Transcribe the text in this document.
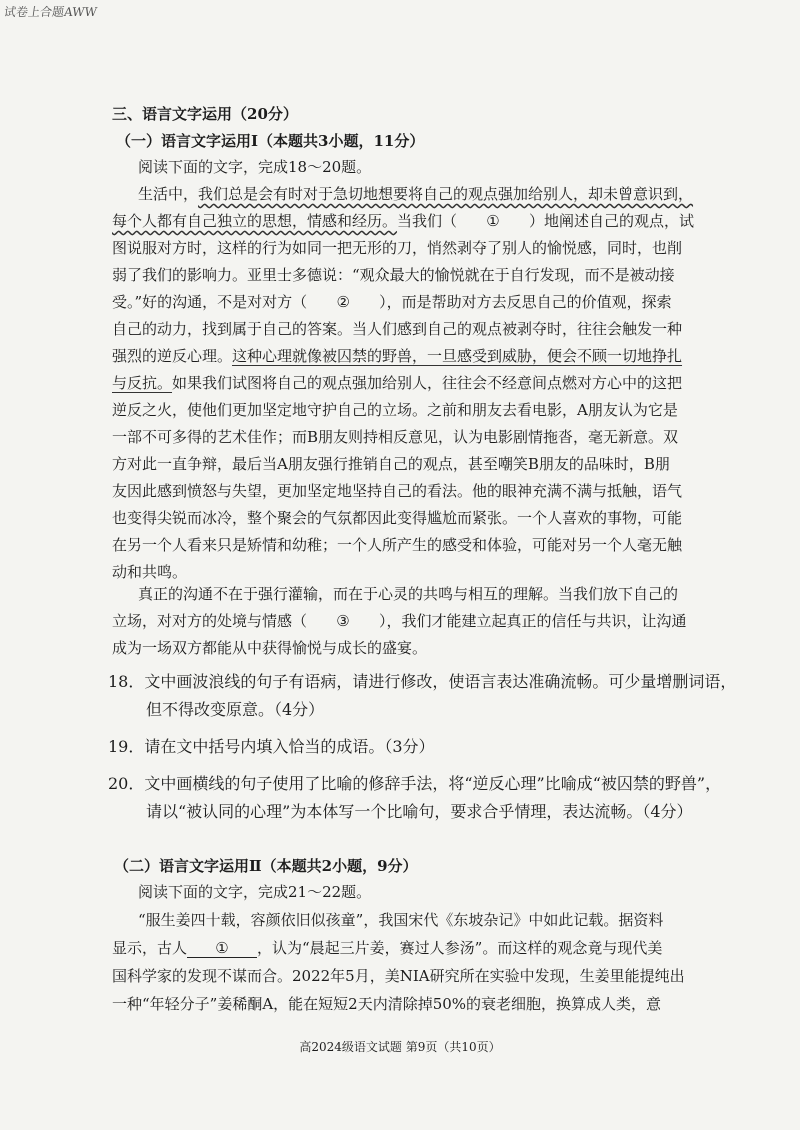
试卷上合题AWW
三、语言文字运用（20分）
（一）语言文字运用Ⅰ（本题共3小题，11分）
阅读下面的文字，完成18～20题。
生活中，我们总是会有时对于急切地想要将自己的观点强加给别人，却未曾意识到，
每个人都有自己独立的思想，情感和经历。当我们（ ① ）地阐述自己的观点，试
图说服对方时，这样的行为如同一把无形的刀，悄然剥夺了别人的愉悦感，同时，也削
弱了我们的影响力。亚里士多德说：“观众最大的愉悦就在于自行发现，而不是被动接
受。”好的沟通，不是对对方（ ② ），而是帮助对方去反思自己的价值观，探索
自己的动力，找到属于自己的答案。当人们感到自己的观点被剥夺时，往往会触发一种
强烈的逆反心理。这种心理就像被囚禁的野兽，一旦感受到威胁，便会不顾一切地挣扎
与反抗。如果我们试图将自己的观点强加给别人，往往会不经意间点燃对方心中的这把
逆反之火，使他们更加坚定地守护自己的立场。之前和朋友去看电影，A朋友认为它是
一部不可多得的艺术佳作；而B朋友则持相反意见，认为电影剧情拖沓，毫无新意。双
方对此一直争辩，最后当A朋友强行推销自己的观点，甚至嘲笑B朋友的品味时，B朋
友因此感到愤怒与失望，更加坚定地坚持自己的看法。他的眼神充满不满与抵触，语气
也变得尖锐而冰冷，整个聚会的气氛都因此变得尴尬而紧张。一个人喜欢的事物，可能
在另一个人看来只是矫情和幼稚；一个人所产生的感受和体验，可能对另一个人毫无触
动和共鸣。
真正的沟通不在于强行灌输，而在于心灵的共鸣与相互的理解。当我们放下自己的
立场，对对方的处境与情感（ ③ ），我们才能建立起真正的信任与共识，让沟通
成为一场双方都能从中获得愉悦与成长的盛宴。
18．文中画波浪线的句子有语病，请进行修改，使语言表达准确流畅。可少量增删词语，
但不得改变原意。（4分）
19．请在文中括号内填入恰当的成语。（3分）
20．文中画横线的句子使用了比喻的修辞手法，将“逆反心理”比喻成“被囚禁的野兽”，
请以“被认同的心理”为本体写一个比喻句，要求合乎情理，表达流畅。（4分）
（二）语言文字运用Ⅱ（本题共2小题，9分）
阅读下面的文字，完成21～22题。
“服生姜四十载，容颜依旧似孩童”，我国宋代《东坡杂记》中如此记载。据资料
显示，古人 ① ，认为“晨起三片姜，赛过人参汤”。而这样的观念竟与现代美
国科学家的发现不谋而合。2022年5月，美NIA研究所在实验中发现，生姜里能提纯出
一种“年轻分子”姜稀酮A，能在短短2天内清除掉50%的衰老细胞，换算成人类，意
高2024级语文试题 第9页（共10页）
